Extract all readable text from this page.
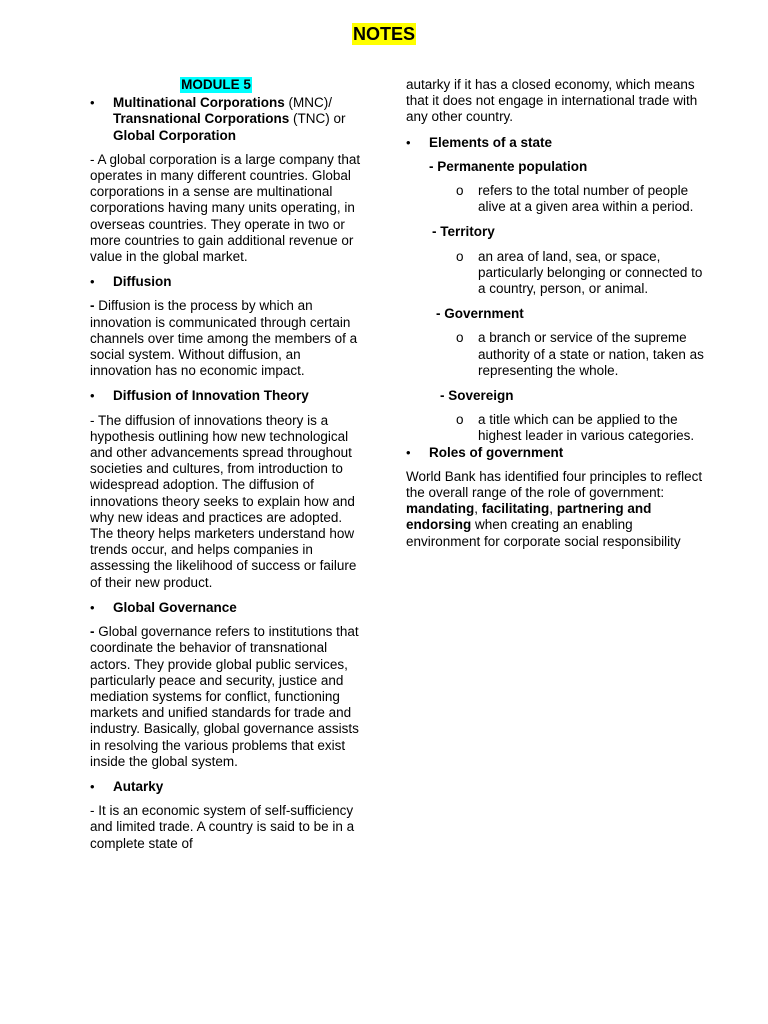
NOTES
MODULE 5
•	Multinational Corporations (MNC)/ Transnational Corporations (TNC) or Global Corporation

- A global corporation is a large company that operates in many different countries. Global corporations in a sense are multinational corporations having many units operating, in overseas countries. They operate in two or more countries to gain additional revenue or value in the global market.

•	Diffusion

- Diffusion is the process by which an innovation is communicated through certain channels over time among the members of a social system. Without diffusion, an innovation has no economic impact.

•	Diffusion of Innovation Theory

- The diffusion of innovations theory is a hypothesis outlining how new technological and other advancements spread throughout societies and cultures, from introduction to widespread adoption. The diffusion of innovations theory seeks to explain how and why new ideas and practices are adopted. The theory helps marketers understand how trends occur, and helps companies in assessing the likelihood of success or failure of their new product.

•	Global Governance

- Global governance refers to institutions that coordinate the behavior of transnational actors. They provide global public services, particularly peace and security, justice and mediation systems for conflict, functioning markets and unified standards for trade and industry. Basically, global governance assists in resolving the various problems that exist inside the global system.

•	Autarky

- It is an economic system of self-sufficiency and limited trade. A country is said to be in a complete state of

autarky if it has a closed economy, which means that it does not engage in international trade with any other country.

•	Elements of a state
- Permanente population
o refers to the total number of people alive at a given area within a period.
- Territory
o an area of land, sea, or space, particularly belonging or connected to a country, person, or animal.
- Government
o a branch or service of the supreme authority of a state or nation, taken as representing the whole.
- Sovereign
o a title which can be applied to the highest leader in various categories.
•	Roles of government

World Bank has identified four principles to reflect the overall range of the role of government: mandating, facilitating, partnering and endorsing when creating an enabling environment for corporate social responsibility
